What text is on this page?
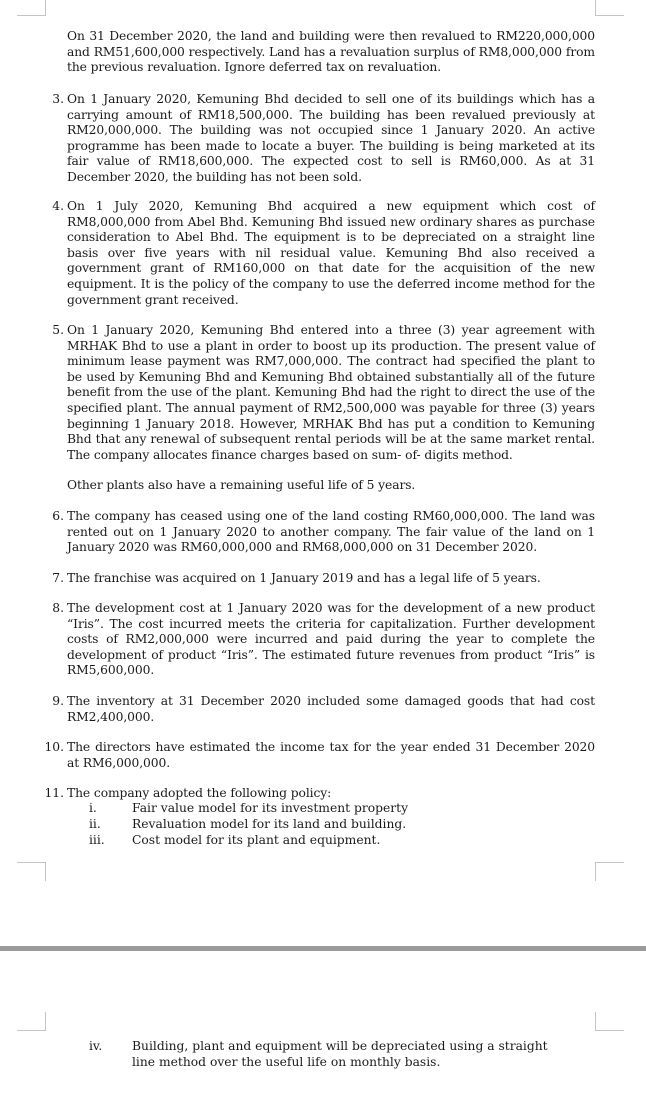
On 31 December 2020, the land and building were then revalued to RM220,000,000 and RM51,600,000 respectively. Land has a revaluation surplus of RM8,000,000 from the previous revaluation. Ignore deferred tax on revaluation.

3. On 1 January 2020, Kemuning Bhd decided to sell one of its buildings which has a carrying amount of RM18,500,000. The building has been revalued previously at RM20,000,000. The building was not occupied since 1 January 2020. An active programme has been made to locate a buyer. The building is being marketed at its fair value of RM18,600,000. The expected cost to sell is RM60,000. As at 31 December 2020, the building has not been sold.
4. On 1 July 2020, Kemuning Bhd acquired a new equipment which cost of RM8,000,000 from Abel Bhd. Kemuning Bhd issued new ordinary shares as purchase consideration to Abel Bhd. The equipment is to be depreciated on a straight line basis over five years with nil residual value. Kemuning Bhd also received a government grant of RM160,000 on that date for the acquisition of the new equipment. It is the policy of the company to use the deferred income method for the government grant received.
5. On 1 January 2020, Kemuning Bhd entered into a three (3) year agreement with MRHAK Bhd to use a plant in order to boost up its production. The present value of minimum lease payment was RM7,000,000. The contract had specified the plant to be used by Kemuning Bhd and Kemuning Bhd obtained substantially all of the future benefit from the use of the plant. Kemuning Bhd had the right to direct the use of the specified plant. The annual payment of RM2,500,000 was payable for three (3) years beginning 1 January 2018. However, MRHAK Bhd has put a condition to Kemuning Bhd that any renewal of subsequent rental periods will be at the same market rental. The company allocates finance charges based on sum- of- digits method.

Other plants also have a remaining useful life of 5 years.

6. The company has ceased using one of the land costing RM60,000,000. The land was rented out on 1 January 2020 to another company. The fair value of the land on 1 January 2020 was RM60,000,000 and RM68,000,000 on 31 December 2020.
7. The franchise was acquired on 1 January 2019 and has a legal life of 5 years.
8. The development cost at 1 January 2020 was for the development of a new product “Iris”. The cost incurred meets the criteria for capitalization. Further development costs of RM2,000,000 were incurred and paid during the year to complete the development of product “Iris”. The estimated future revenues from product “Iris” is RM5,600,000.
9. The inventory at 31 December 2020 included some damaged goods that had cost RM2,400,000.
10. The directors have estimated the income tax for the year ended 31 December 2020 at RM6,000,000.
11. The company adopted the following policy:
i.	Fair value model for its investment property
ii.	Revaluation model for its land and building.
iii.	Cost model for its plant and equipment.
iv.	Building, plant and equipment will be depreciated using a straight line method over the useful life on monthly basis.
